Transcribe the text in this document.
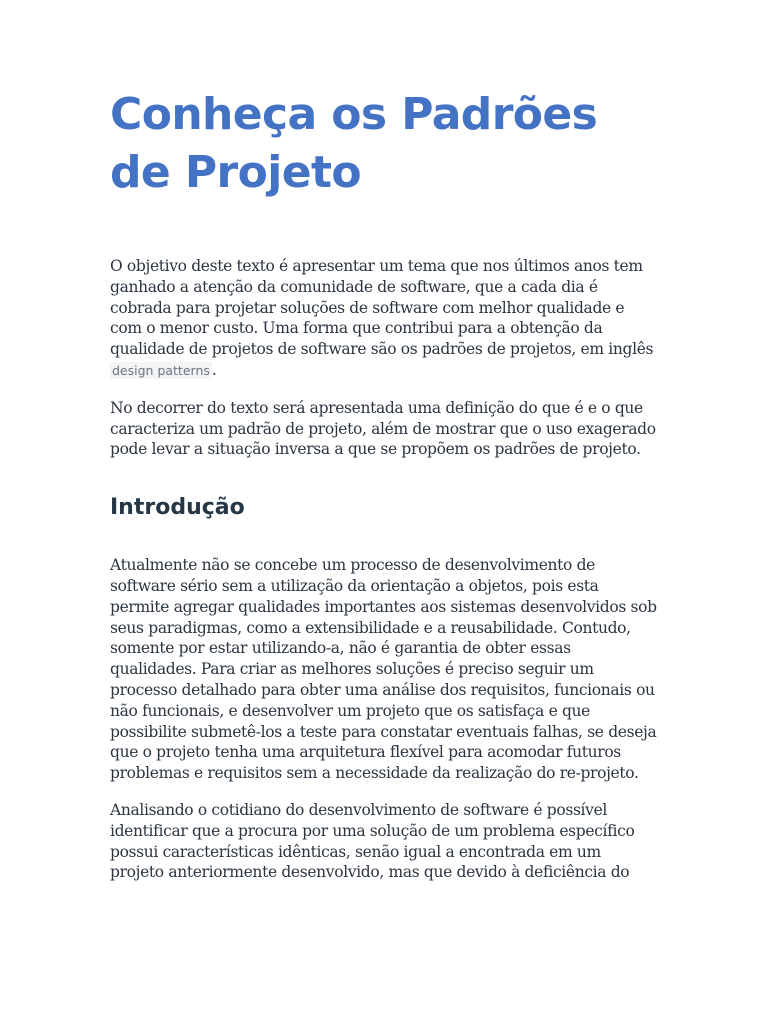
Conheça os Padrões de Projeto

O objetivo deste texto é apresentar um tema que nos últimos anos tem ganhado a atenção da comunidade de software, que a cada dia é cobrada para projetar soluções de software com melhor qualidade e com o menor custo. Uma forma que contribui para a obtenção da qualidade de projetos de software são os padrões de projetos, em inglês design patterns .

No decorrer do texto será apresentada uma definição do que é e o que caracteriza um padrão de projeto, além de mostrar que o uso exagerado pode levar a situação inversa a que se propõem os padrões de projeto.

Introdução

Atualmente não se concebe um processo de desenvolvimento de software sério sem a utilização da orientação a objetos, pois esta permite agregar qualidades importantes aos sistemas desenvolvidos sob seus paradigmas, como a extensibilidade e a reusabilidade. Contudo, somente por estar utilizando-a, não é garantia de obter essas qualidades. Para criar as melhores soluções é preciso seguir um processo detalhado para obter uma análise dos requisitos, funcionais ou não funcionais, e desenvolver um projeto que os satisfaça e que possibilite submetê-los a teste para constatar eventuais falhas, se deseja que o projeto tenha uma arquitetura flexível para acomodar futuros problemas e requisitos sem a necessidade da realização do re-projeto.

Analisando o cotidiano do desenvolvimento de software é possível identificar que a procura por uma solução de um problema específico possui características idênticas, senão igual a encontrada em um projeto anteriormente desenvolvido, mas que devido à deficiência do
